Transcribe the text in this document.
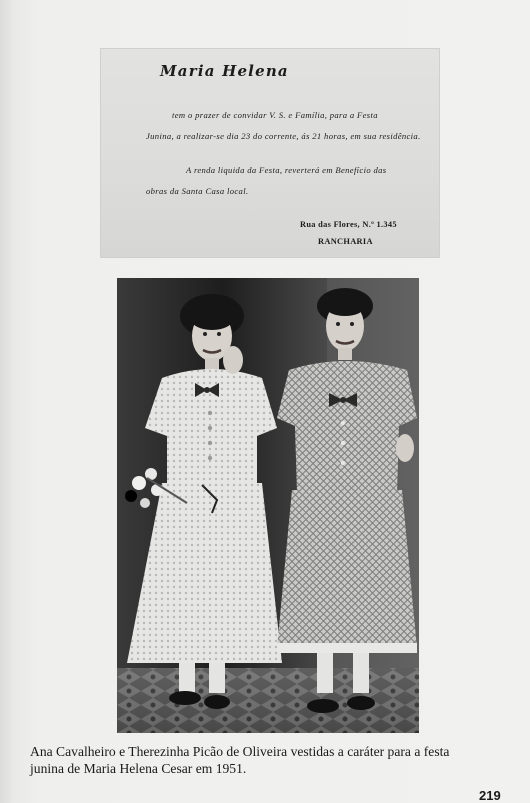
Maria Helena
tem o prazer de convidar V. S. e Família, para a Festa
Junina, a realizar-se dia 23 do corrente, ás 21 horas, em sua residência.
A renda liquida da Festa, reverterá em Benefício das
obras da Santa Casa local.
Rua das Flores, N.º 1.345
RANCHARIA
Ana Cavalheiro e Therezinha Picão de Oliveira vestidas a caráter para a festa
junina de Maria Helena Cesar em 1951.
219
